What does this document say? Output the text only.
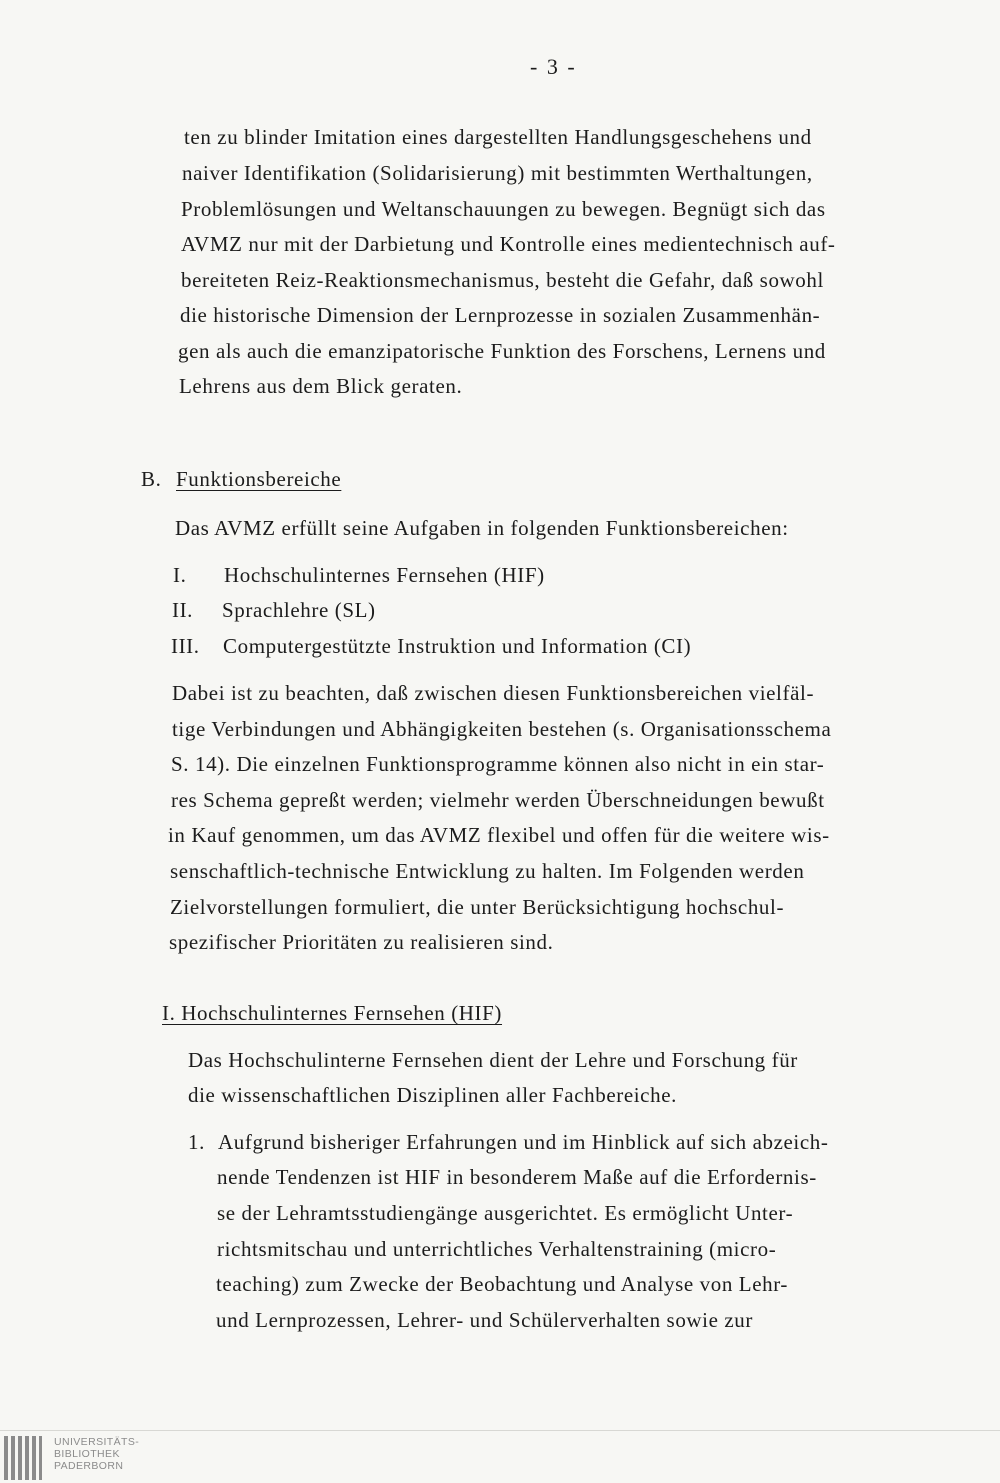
- 3 -
ten zu blinder Imitation eines dargestellten Handlungsgeschehens und
naiver Identifikation (Solidarisierung) mit bestimmten Werthaltungen,
Problemlösungen und Weltanschauungen zu bewegen. Begnügt sich das
AVMZ nur mit der Darbietung und Kontrolle eines medientechnisch auf-
bereiteten Reiz-Reaktionsmechanismus, besteht die Gefahr, daß sowohl
die historische Dimension der Lernprozesse in sozialen Zusammenhän-
gen als auch die emanzipatorische Funktion des Forschens, Lernens und
Lehrens aus dem Blick geraten.
B. Funktionsbereiche
Das AVMZ erfüllt seine Aufgaben in folgenden Funktionsbereichen:
I. Hochschulinternes Fernsehen (HIF)
II. Sprachlehre (SL)
III. Computergestützte Instruktion und Information (CI)
Dabei ist zu beachten, daß zwischen diesen Funktionsbereichen vielfäl-
tige Verbindungen und Abhängigkeiten bestehen (s. Organisationsschema
S. 14). Die einzelnen Funktionsprogramme können also nicht in ein star-
res Schema gepreßt werden; vielmehr werden Überschneidungen bewußt
in Kauf genommen, um das AVMZ flexibel und offen für die weitere wis-
senschaftlich-technische Entwicklung zu halten. Im Folgenden werden
Zielvorstellungen formuliert, die unter Berücksichtigung hochschul-
spezifischer Prioritäten zu realisieren sind.
I. Hochschulinternes Fernsehen (HIF)
Das Hochschulinterne Fernsehen dient der Lehre und Forschung für
die wissenschaftlichen Disziplinen aller Fachbereiche.
1. Aufgrund bisheriger Erfahrungen und im Hinblick auf sich abzeich-
nende Tendenzen ist HIF in besonderem Maße auf die Erfordernis-
se der Lehramtsstudiengänge ausgerichtet. Es ermöglicht Unter-
richtsmitschau und unterrichtliches Verhaltenstraining (micro-
teaching) zum Zwecke der Beobachtung und Analyse von Lehr-
und Lernprozessen, Lehrer- und Schülerverhalten sowie zur
UNIVERSITÄTS-
BIBLIOTHEK
PADERBORN
